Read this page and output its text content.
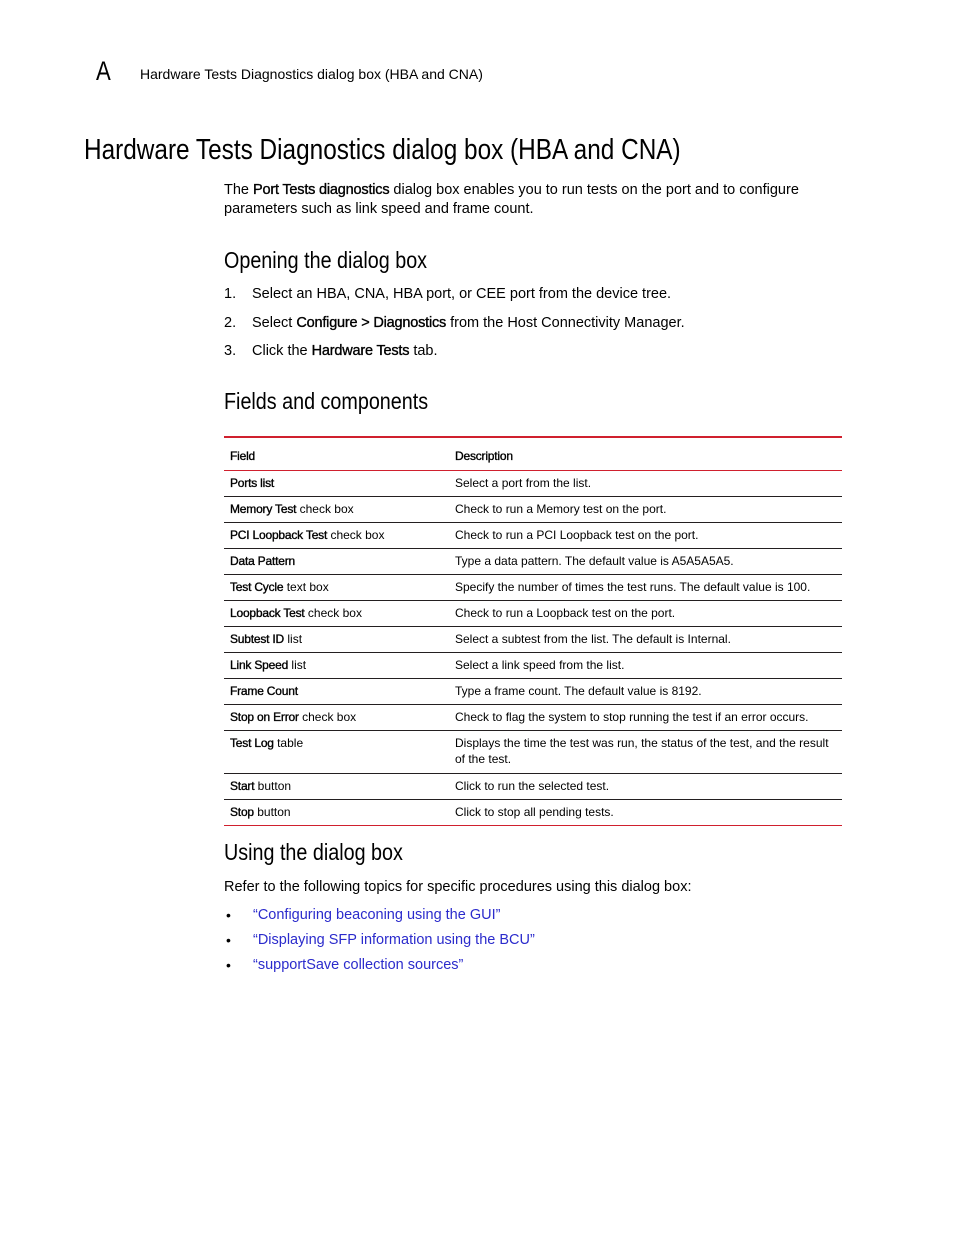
A Hardware Tests Diagnostics dialog box (HBA and CNA)
Hardware Tests Diagnostics dialog box (HBA and CNA)

The Port Tests diagnostics dialog box enables you to run tests on the port and to configure parameters such as link speed and frame count.

Opening the dialog box
1. Select an HBA, CNA, HBA port, or CEE port from the device tree.
2. Select Configure > Diagnostics from the Host Connectivity Manager.
3. Click the Hardware Tests tab.
Fields and components
Field	Description
Ports list	Select a port from the list.
Memory Test check box	Check to run a Memory test on the port.
PCI Loopback Test check box	Check to run a PCI Loopback test on the port.
Data Pattern	Type a data pattern. The default value is A5A5A5A5.
Test Cycle text box	Specify the number of times the test runs. The default value is 100.
Loopback Test check box	Check to run a Loopback test on the port.
Subtest ID list	Select a subtest from the list. The default is Internal.
Link Speed list	Select a link speed from the list.
Frame Count	Type a frame count. The default value is 8192.
Stop on Error check box	Check to flag the system to stop running the test if an error occurs.
Test Log table	Displays the time the test was run, the status of the test, and the result of the test.
Start button	Click to run the selected test.
Stop button	Click to stop all pending tests.
Using the dialog box

Refer to the following topics for specific procedures using this dialog box:

• “Configuring beaconing using the GUI”
• “Displaying SFP information using the BCU”
• “supportSave collection sources”
